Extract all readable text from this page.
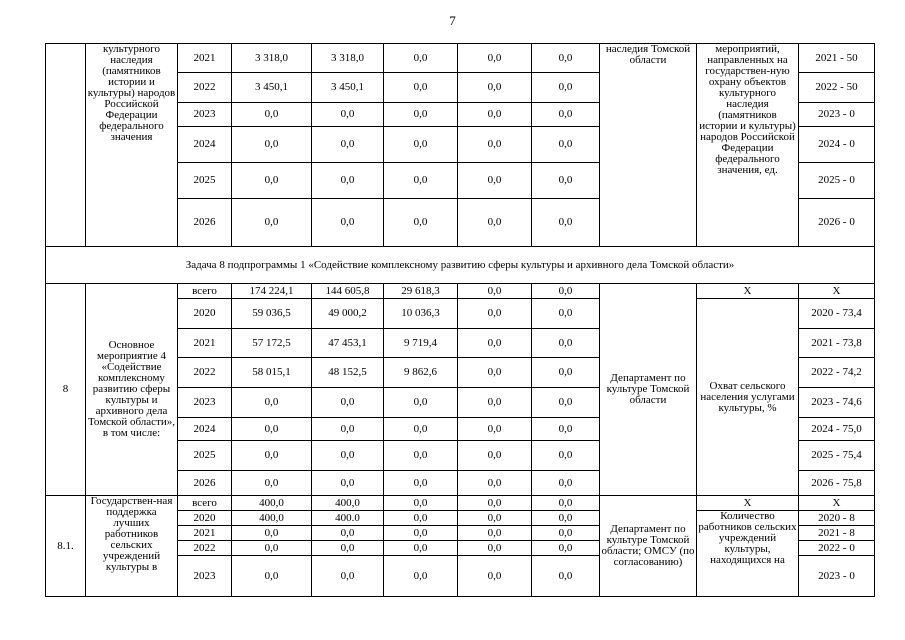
7
	культурного наследия (памятников истории и культуры) народов Российской Федерации федерального значения	2021	3 318,0	3 318,0	0,0	0,0	0,0	наследия Томской области	мероприятий, направленных на государствен-ную охрану объектов культурного наследия (памятников истории и культуры) народов Российской Федерации федерального значения, ед.	2021 - 50
		2022	3 450,1	3 450,1	0,0	0,0	0,0			2022 - 50
		2023	0,0	0,0	0,0	0,0	0,0			2023 - 0
		2024	0,0	0,0	0,0	0,0	0,0			2024 - 0
		2025	0,0	0,0	0,0	0,0	0,0			2025 - 0
		2026	0,0	0,0	0,0	0,0	0,0			2026 - 0
Задача 8 подпрограммы 1 «Содействие комплексному развитию сферы культуры и архивного дела Томской области»										
8	Основное мероприятие 4 «Содействие комплексному развитию сферы культуры и архивного дела Томской области», в том числе:	всего	174 224,1	144 605,8	29 618,3	0,0	0,0	Департамент по культуре Томской области	Х	Х
		2020	59 036,5	49 000,2	10 036,3	0,0	0,0		Охват сельского населения услугами культуры, %	2020 - 73,4
		2021	57 172,5	47 453,1	9 719,4	0,0	0,0			2021 - 73,8
		2022	58 015,1	48 152,5	9 862,6	0,0	0,0			2022 - 74,2
		2023	0,0	0,0	0,0	0,0	0,0			2023 - 74,6
		2024	0,0	0,0	0,0	0,0	0,0			2024 - 75,0
		2025	0,0	0,0	0,0	0,0	0,0			2025 - 75,4
		2026	0,0	0,0	0,0	0,0	0,0			2026 - 75,8
8.1.	Государствен-ная поддержка лучших работников сельских учреждений культуры в	всего	400,0	400,0	0,0	0,0	0,0	Департамент по культуре Томской области; ОМСУ (по согласованию)	Х	Х
		2020	400,0	400.0	0,0	0,0	0,0		Количество работников сельских учреждений культуры, находящихся на	2020 - 8
		2021	0,0	0,0	0,0	0,0	0,0			2021 - 8
		2022	0,0	0,0	0,0	0,0	0,0			2022 - 0
		2023	0,0	0,0	0,0	0,0	0,0			2023 - 0
